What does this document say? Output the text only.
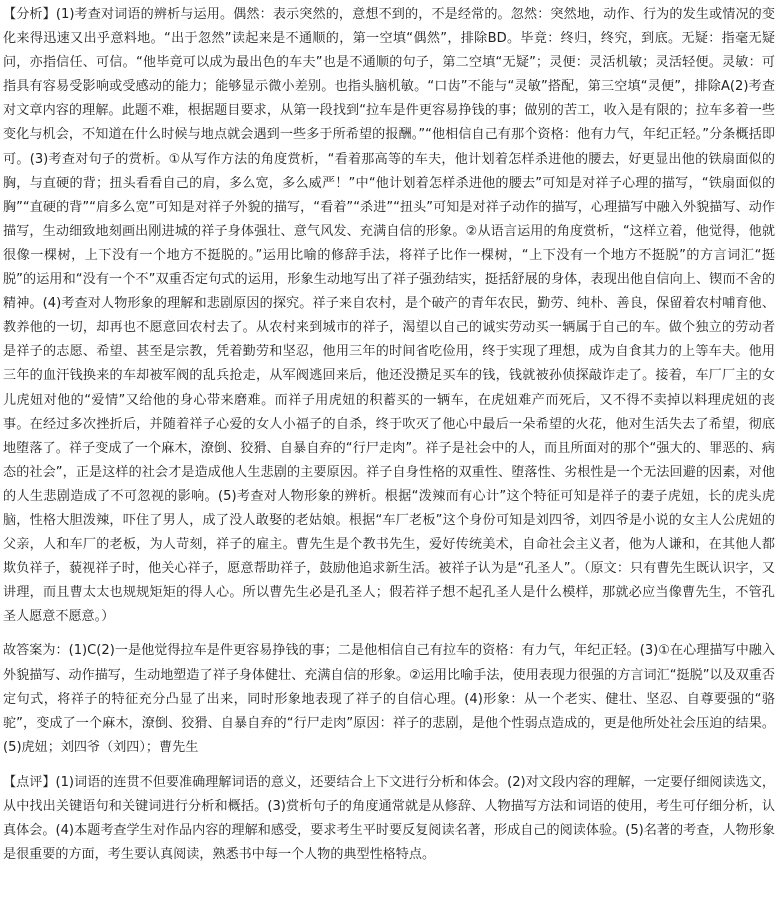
【分析】(1)考查对词语的辨析与运用。偶然：表示突然的，意想不到的，不是经常的。忽然：突然地，动作、行为的发生或情况的变化来得迅速又出乎意料地。“出于忽然”读起来是不通顺的，第一空填“偶然”，排除BD。毕竟：终归，终究，到底。无疑：指毫无疑问，亦指信任、可信。“他毕竟可以成为最出色的车夫”也是不通顺的句子，第二空填“无疑”；灵便：灵活机敏；灵活轻便。灵敏：可指具有容易受影响或受感动的能力；能够显示微小差别。也指头脑机敏。“口齿”不能与“灵敏”搭配，第三空填“灵便”，排除A(2)考查对文章内容的理解。此题不难，根据题目要求，从第一段找到“拉车是件更容易挣钱的事；做别的苦工，收入是有限的；拉车多着一些变化与机会，不知道在什么时候与地点就会遇到一些多于所希望的报酬。”“他相信自己有那个资格：他有力气，年纪正轻。”分条概括即可。(3)考查对句子的赏析。①从写作方法的角度赏析，“看着那高等的车夫，他计划着怎样杀进他的腰去，好更显出他的铁扇面似的胸，与直硬的背；扭头看看自己的肩，多么宽，多么威严！”中“他计划着怎样杀进他的腰去”可知是对祥子心理的描写，“铁扇面似的胸”“直硬的背”“肩多么宽”可知是对祥子外貌的描写，“看着”“杀进”“扭头”可知是对祥子动作的描写，心理描写中融入外貌描写、动作描写，生动细致地刻画出刚进城的祥子身体强壮、意气风发、充满自信的形象。②从语言运用的角度赏析，“这样立着，他觉得，他就很像一棵树，上下没有一个地方不挺脱的。”运用比喻的修辞手法，将祥子比作一棵树，“上下没有一个地方不挺脱”的方言词汇“挺脱”的运用和“没有一个不”双重否定句式的运用，形象生动地写出了祥子强劲结实，挺括舒展的身体，表现出他自信向上、锲而不舍的精神。(4)考查对人物形象的理解和悲剧原因的探究。祥子来自农村，是个破产的青年农民，勤劳、纯朴、善良，保留着农村哺育他、教养他的一切，却再也不愿意回农村去了。从农村来到城市的祥子，渴望以自己的诚实劳动买一辆属于自己的车。做个独立的劳动者是祥子的志愿、希望、甚至是宗教，凭着勤劳和坚忍，他用三年的时间省吃俭用，终于实现了理想，成为自食其力的上等车夫。他用三年的血汗钱换来的车却被军阀的乱兵抢走，从军阀逃回来后，他还没攒足买车的钱，钱就被孙侦探敲诈走了。接着，车厂厂主的女儿虎妞对他的“爱情”又给他的身心带来磨难。而祥子用虎妞的积蓄买的一辆车，在虎妞难产而死后，又不得不卖掉以料理虎妞的丧事。在经过多次挫折后，并随着祥子心爱的女人小福子的自杀，终于吹灭了他心中最后一朵希望的火花，他对生活失去了希望，彻底地堕落了。祥子变成了一个麻木，潦倒、狡猾、自暴自弃的“行尸走肉”。祥子是社会中的人，而且所面对的那个“强大的、罪恶的、病态的社会”，正是这样的社会才是造成他人生悲剧的主要原因。祥子自身性格的双重性、堕落性、劣根性是一个无法回避的因素，对他的人生悲剧造成了不可忽视的影响。(5)考查对人物形象的辨析。根据“泼辣而有心计”这个特征可知是祥子的妻子虎妞，长的虎头虎脑，性格大胆泼辣，吓住了男人，成了没人敢娶的老姑娘。根据“车厂老板”这个身份可知是刘四爷，刘四爷是小说的女主人公虎妞的父亲，人和车厂的老板，为人苛刻，祥子的雇主。曹先生是个教书先生，爱好传统美术，自命社会主义者，他为人谦和，在其他人都欺负祥子，藐视祥子时，他关心祥子，愿意帮助祥子，鼓励他追求新生活。被祥子认为是“孔圣人”。（原文：只有曹先生既认识字，又讲理，而且曹太太也规规矩矩的得人心。所以曹先生必是孔圣人；假若祥子想不起孔圣人是什么模样，那就必应当像曹先生，不管孔圣人愿意不愿意。）

故答案为：(1)C(2)一是他觉得拉车是件更容易挣钱的事；二是他相信自己有拉车的资格：有力气，年纪正轻。(3)①在心理描写中融入外貌描写、动作描写，生动地塑造了祥子身体健壮、充满自信的形象。②运用比喻手法，使用表现力很强的方言词汇“挺脱”以及双重否定句式，将祥子的特征充分凸显了出来，同时形象地表现了祥子的自信心理。(4)形象：从一个老实、健壮、坚忍、自尊要强的“骆驼”，变成了一个麻木，潦倒、狡猾、自暴自弃的“行尸走肉”原因：祥子的悲剧，是他个性弱点造成的，更是他所处社会压迫的结果。(5)虎妞；刘四爷（刘四）；曹先生

【点评】(1)词语的连贯不但要准确理解词语的意义，还要结合上下文进行分析和体会。(2)对文段内容的理解，一定要仔细阅读选文，从中找出关键语句和关键词进行分析和概括。(3)赏析句子的角度通常就是从修辞、人物描写方法和词语的使用，考生可仔细分析，认真体会。(4)本题考查学生对作品内容的理解和感受，要求考生平时要反复阅读名著，形成自己的阅读体验。(5)名著的考查，人物形象是很重要的方面，考生要认真阅读，熟悉书中每一个人物的典型性格特点。
